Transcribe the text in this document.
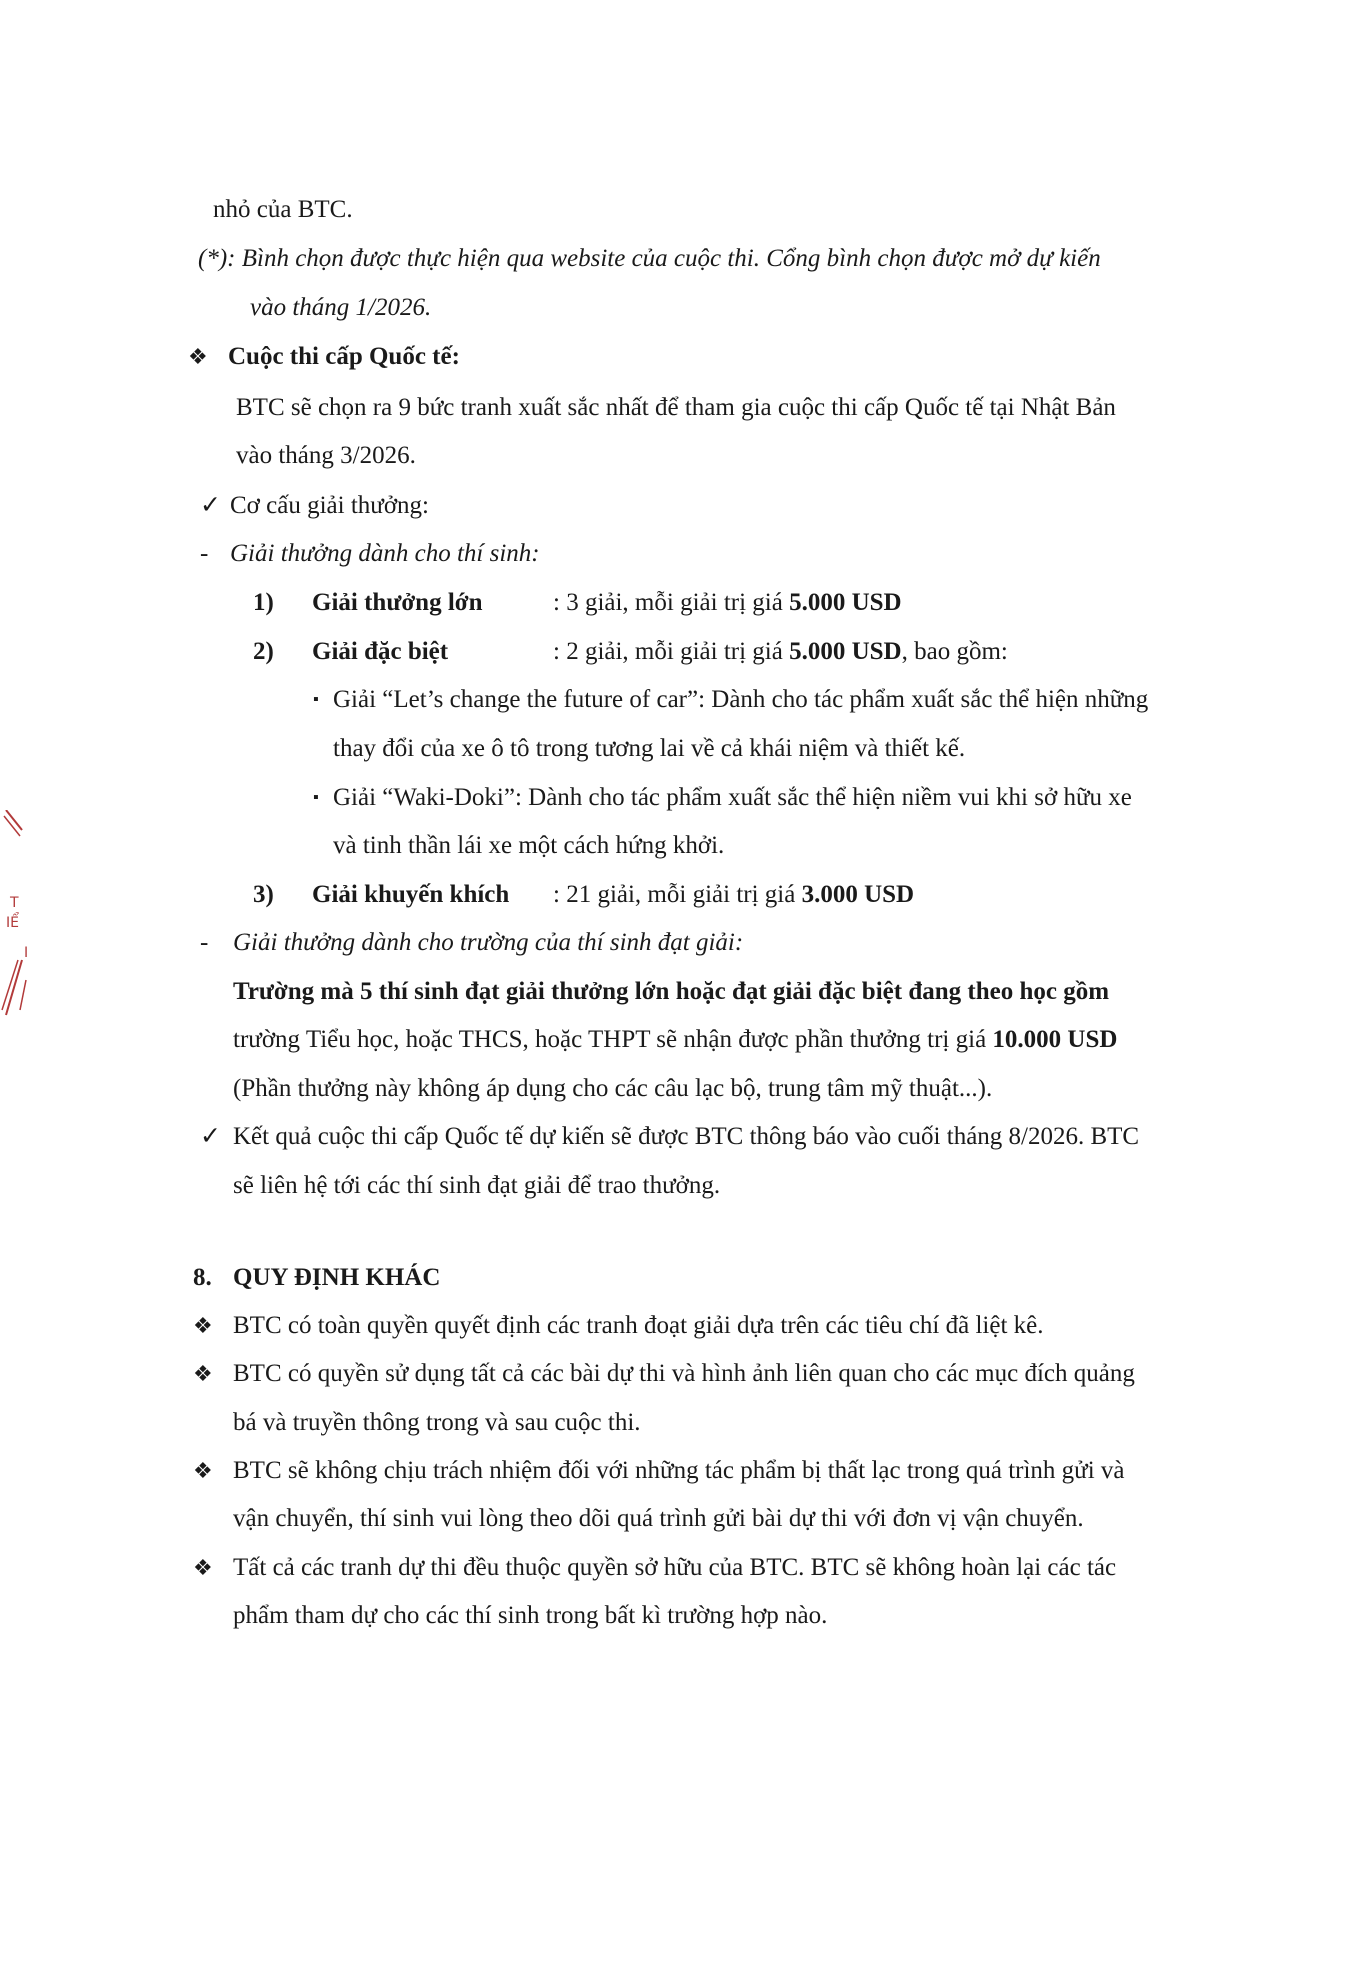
nhỏ của BTC.
(*): Bình chọn được thực hiện qua website của cuộc thi. Cổng bình chọn được mở dự kiến
vào tháng 1/2026.
❖ Cuộc thi cấp Quốc tế:
BTC sẽ chọn ra 9 bức tranh xuất sắc nhất để tham gia cuộc thi cấp Quốc tế tại Nhật Bản
vào tháng 3/2026.
✓ Cơ cấu giải thưởng:
- Giải thưởng dành cho thí sinh:
1) Giải thưởng lớn	: 3 giải, mỗi giải trị giá 5.000 USD
2) Giải đặc biệt	: 2 giải, mỗi giải trị giá 5.000 USD, bao gồm:
▪ Giải “Let’s change the future of car”: Dành cho tác phẩm xuất sắc thể hiện những
thay đổi của xe ô tô trong tương lai về cả khái niệm và thiết kế.
▪ Giải “Waki-Doki”: Dành cho tác phẩm xuất sắc thể hiện niềm vui khi sở hữu xe
và tinh thần lái xe một cách hứng khởi.
3) Giải khuyến khích : 21 giải, mỗi giải trị giá 3.000 USD
- Giải thưởng dành cho trường của thí sinh đạt giải:
Trường mà 5 thí sinh đạt giải thưởng lớn hoặc đạt giải đặc biệt đang theo học gồm
trường Tiểu học, hoặc THCS, hoặc THPT sẽ nhận được phần thưởng trị giá 10.000 USD
(Phần thưởng này không áp dụng cho các câu lạc bộ, trung tâm mỹ thuật...).
✓ Kết quả cuộc thi cấp Quốc tế dự kiến sẽ được BTC thông báo vào cuối tháng 8/2026. BTC
sẽ liên hệ tới các thí sinh đạt giải để trao thưởng.
8. QUY ĐỊNH KHÁC
❖ BTC có toàn quyền quyết định các tranh đoạt giải dựa trên các tiêu chí đã liệt kê.
❖ BTC có quyền sử dụng tất cả các bài dự thi và hình ảnh liên quan cho các mục đích quảng
bá và truyền thông trong và sau cuộc thi.
❖ BTC sẽ không chịu trách nhiệm đối với những tác phẩm bị thất lạc trong quá trình gửi và
vận chuyển, thí sinh vui lòng theo dõi quá trình gửi bài dự thi với đơn vị vận chuyển.
❖ Tất cả các tranh dự thi đều thuộc quyền sở hữu của BTC. BTC sẽ không hoàn lại các tác
phẩm tham dự cho các thí sinh trong bất kì trường hợp nào.
T
IỂ
I
